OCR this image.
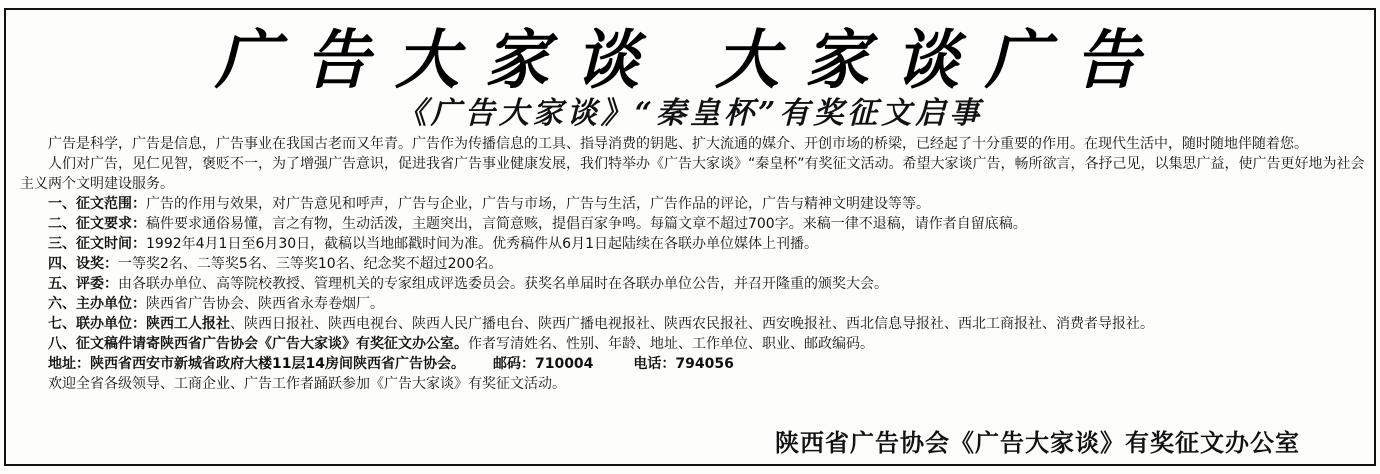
广告大家谈 大家谈广告
《广告大家谈》“秦皇杯”有奖征文启事

广告是科学，广告是信息，广告事业在我国古老而又年青。广告作为传播信息的工具、指导消费的钥匙、扩大流通的媒介、开创市场的桥梁，已经起了十分重要的作用。在现代生活中，随时随地伴随着您。

人们对广告，见仁见智，褒贬不一，为了增强广告意识，促进我省广告事业健康发展，我们特举办《广告大家谈》“秦皇杯”有奖征文活动。希望大家谈广告，畅所欲言，各抒己见，以集思广益，使广告更好地为社会主义两个文明建设服务。

一、征文范围：广告的作用与效果，对广告意见和呼声，广告与企业，广告与市场，广告与生活，广告作品的评论，广告与精神文明建设等等。

二、征文要求：稿件要求通俗易懂，言之有物，生动活泼，主题突出，言简意赅，提倡百家争鸣。每篇文章不超过700字。来稿一律不退稿，请作者自留底稿。

三、征文时间：1992年4月1日至6月30日，截稿以当地邮戳时间为准。优秀稿件从6月1日起陆续在各联办单位媒体上刊播。

四、设奖：一等奖2名、二等奖5名、三等奖10名、纪念奖不超过200名。

五、评委：由各联办单位、高等院校教授、管理机关的专家组成评选委员会。获奖名单届时在各联办单位公告，并召开隆重的颁奖大会。

六、主办单位：陕西省广告协会、陕西省永寿卷烟厂。

七、联办单位：陕西工人报社、陕西日报社、陕西电视台、陕西人民广播电台、陕西广播电视报社、陕西农民报社、西安晚报社、西北信息导报社、西北工商报社、消费者导报社。

八、征文稿件请寄陕西省广告协会《广告大家谈》有奖征文办公室。作者写清姓名、性别、年龄、地址、工作单位、职业、邮政编码。

地址：陕西省西安市新城省政府大楼11层14房间陕西省广告协会。 邮码：710004	电话：794056

欢迎全省各级领导、工商企业、广告工作者踊跃参加《广告大家谈》有奖征文活动。

陕西省广告协会《广告大家谈》有奖征文办公室
